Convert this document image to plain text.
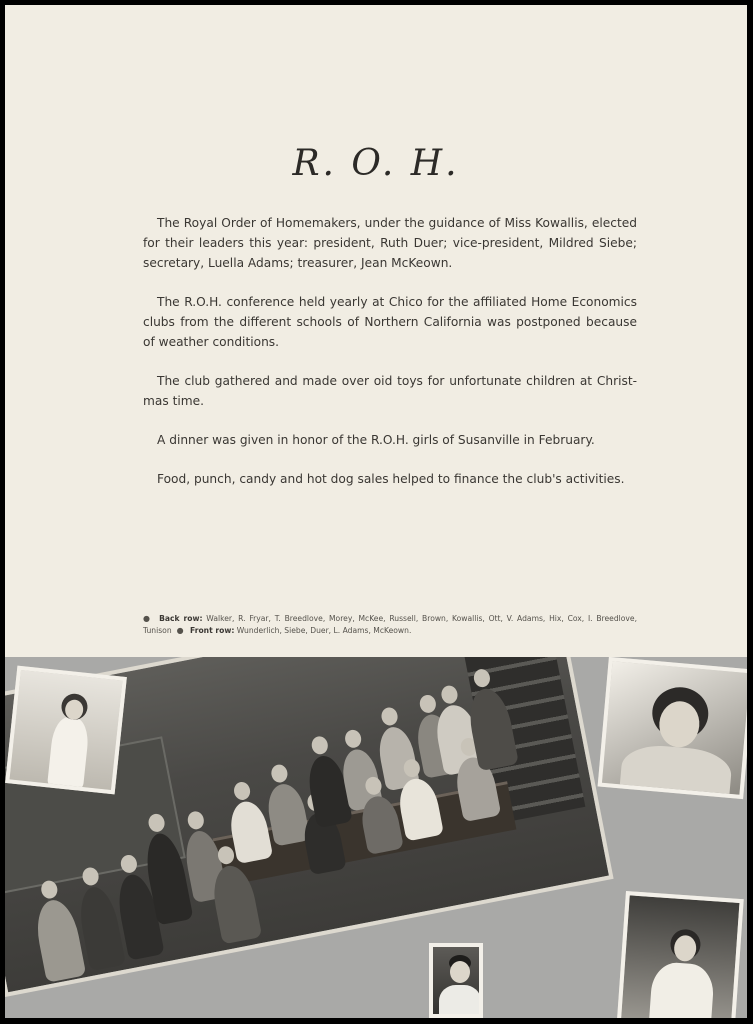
R. O. H.

The Royal Order of Homemakers, under the guidance of Miss Kowallis, elected for their leaders this year: president, Ruth Duer; vice-president, Mildred Siebe; secretary, Luella Adams; treasurer, Jean McKeown.

The R.O.H. conference held yearly at Chico for the affiliated Home Economics clubs from the different schools of Northern California was postponed because of weather conditions.

The club gathered and made over oid toys for unfortunate children at Christ-mas time.

A dinner was given in honor of the R.O.H. girls of Susanville in February.

Food, punch, candy and hot dog sales helped to finance the club's activities.

● Back row: Walker, R. Fryar, T. Breedlove, Morey, McKee, Russell, Brown, Kowallis, Ott, V. Adams, Hix, Cox, I. Breedlove, Tunison  ● Front row: Wunderlich, Siebe, Duer, L. Adams, McKeown.
